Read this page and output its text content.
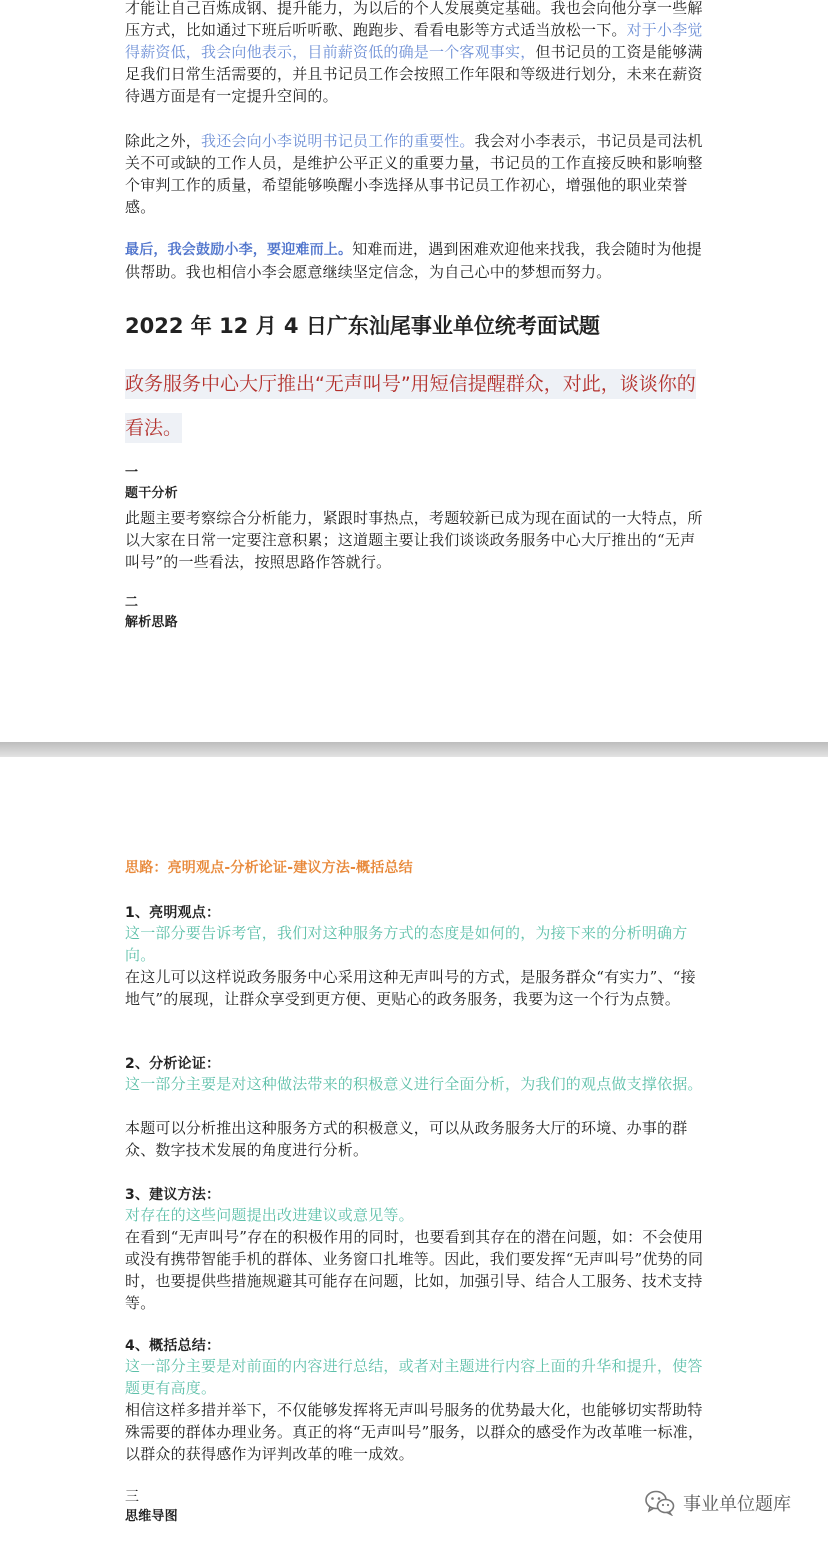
才能让自己百炼成钢、提升能力，为以后的个人发展奠定基础。我也会向他分享一些解压方式，比如通过下班后听听歌、跑跑步、看看电影等方式适当放松一下。对于小李觉得薪资低，我会向他表示，目前薪资低的确是一个客观事实，但书记员的工资是能够满足我们日常生活需要的，并且书记员工作会按照工作年限和等级进行划分，未来在薪资待遇方面是有一定提升空间的。

除此之外，我还会向小李说明书记员工作的重要性。我会对小李表示，书记员是司法机关不可或缺的工作人员，是维护公平正义的重要力量，书记员的工作直接反映和影响整个审判工作的质量，希望能够唤醒小李选择从事书记员工作初心，增强他的职业荣誉感。

最后，我会鼓励小李，要迎难而上。知难而进，遇到困难欢迎他来找我，我会随时为他提供帮助。我也相信小李会愿意继续坚定信念，为自己心中的梦想而努力。

2022 年 12 月 4 日广东汕尾事业单位统考面试题
政务服务中心大厅推出“无声叫号”用短信提醒群众，对此，谈谈你的看法。

一

题干分析

此题主要考察综合分析能力，紧跟时事热点，考题较新已成为现在面试的一大特点，所以大家在日常一定要注意积累；这道题主要让我们谈谈政务服务中心大厅推出的“无声叫号”的一些看法，按照思路作答就行。

二

解析思路

思路：亮明观点-分析论证-建议方法-概括总结

1、亮明观点：

这一部分要告诉考官，我们对这种服务方式的态度是如何的，为接下来的分析明确方向。

在这儿可以这样说政务服务中心采用这种无声叫号的方式，是服务群众“有实力”、“接地气”的展现，让群众享受到更方便、更贴心的政务服务，我要为这一个行为点赞。

2、分析论证：

这一部分主要是对这种做法带来的积极意义进行全面分析，为我们的观点做支撑依据。

本题可以分析推出这种服务方式的积极意义，可以从政务服务大厅的环境、办事的群众、数字技术发展的角度进行分析。

3、建议方法：

对存在的这些问题提出改进建议或意见等。

在看到“无声叫号”存在的积极作用的同时，也要看到其存在的潜在问题，如：不会使用或没有携带智能手机的群体、业务窗口扎堆等。因此，我们要发挥“无声叫号”优势的同时，也要提供些措施规避其可能存在问题，比如，加强引导、结合人工服务、技术支持等。

4、概括总结：

这一部分主要是对前面的内容进行总结，或者对主题进行内容上面的升华和提升，使答题更有高度。

相信这样多措并举下，不仅能够发挥将无声叫号服务的优势最大化，也能够切实帮助特殊需要的群体办理业务。真正的将“无声叫号”服务，以群众的感受作为改革唯一标准，以群众的获得感作为评判改革的唯一成效。

三

思维导图

事业单位题库
